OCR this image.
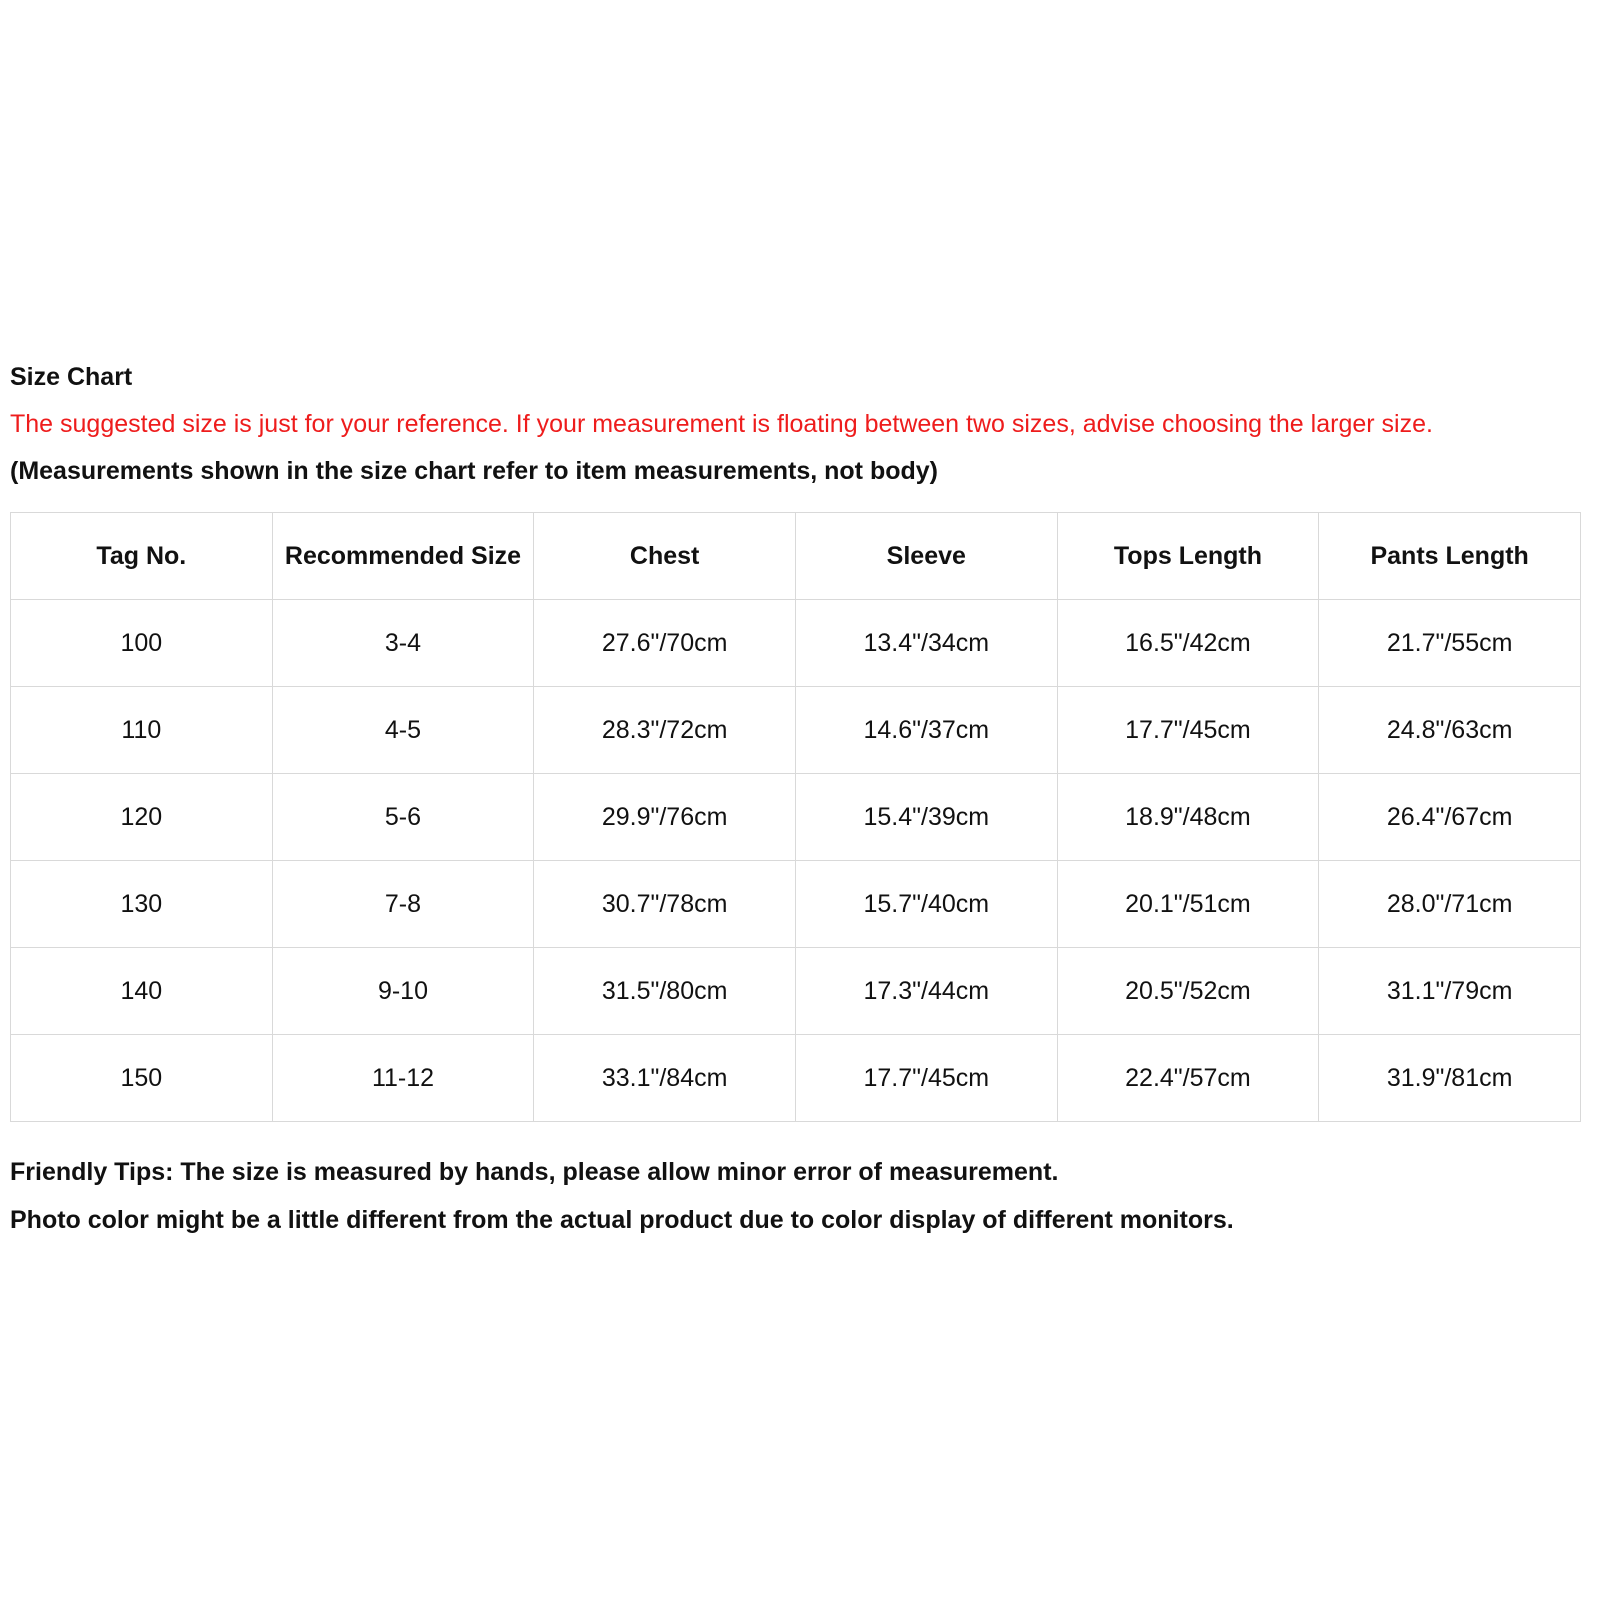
Size Chart
The suggested size is just for your reference. If your measurement is floating between two sizes, advise choosing the larger size.
(Measurements shown in the size chart refer to item measurements, not body)
Tag No.	Recommended Size	Chest	Sleeve	Tops Length	Pants Length
100	3-4	27.6"/70cm	13.4"/34cm	16.5"/42cm	21.7"/55cm
110	4-5	28.3"/72cm	14.6"/37cm	17.7"/45cm	24.8"/63cm
120	5-6	29.9"/76cm	15.4"/39cm	18.9"/48cm	26.4"/67cm
130	7-8	30.7"/78cm	15.7"/40cm	20.1"/51cm	28.0"/71cm
140	9-10	31.5"/80cm	17.3"/44cm	20.5"/52cm	31.1"/79cm
150	11-12	33.1"/84cm	17.7"/45cm	22.4"/57cm	31.9"/81cm
Friendly Tips: The size is measured by hands, please allow minor error of measurement.
Photo color might be a little different from the actual product due to color display of different monitors.
